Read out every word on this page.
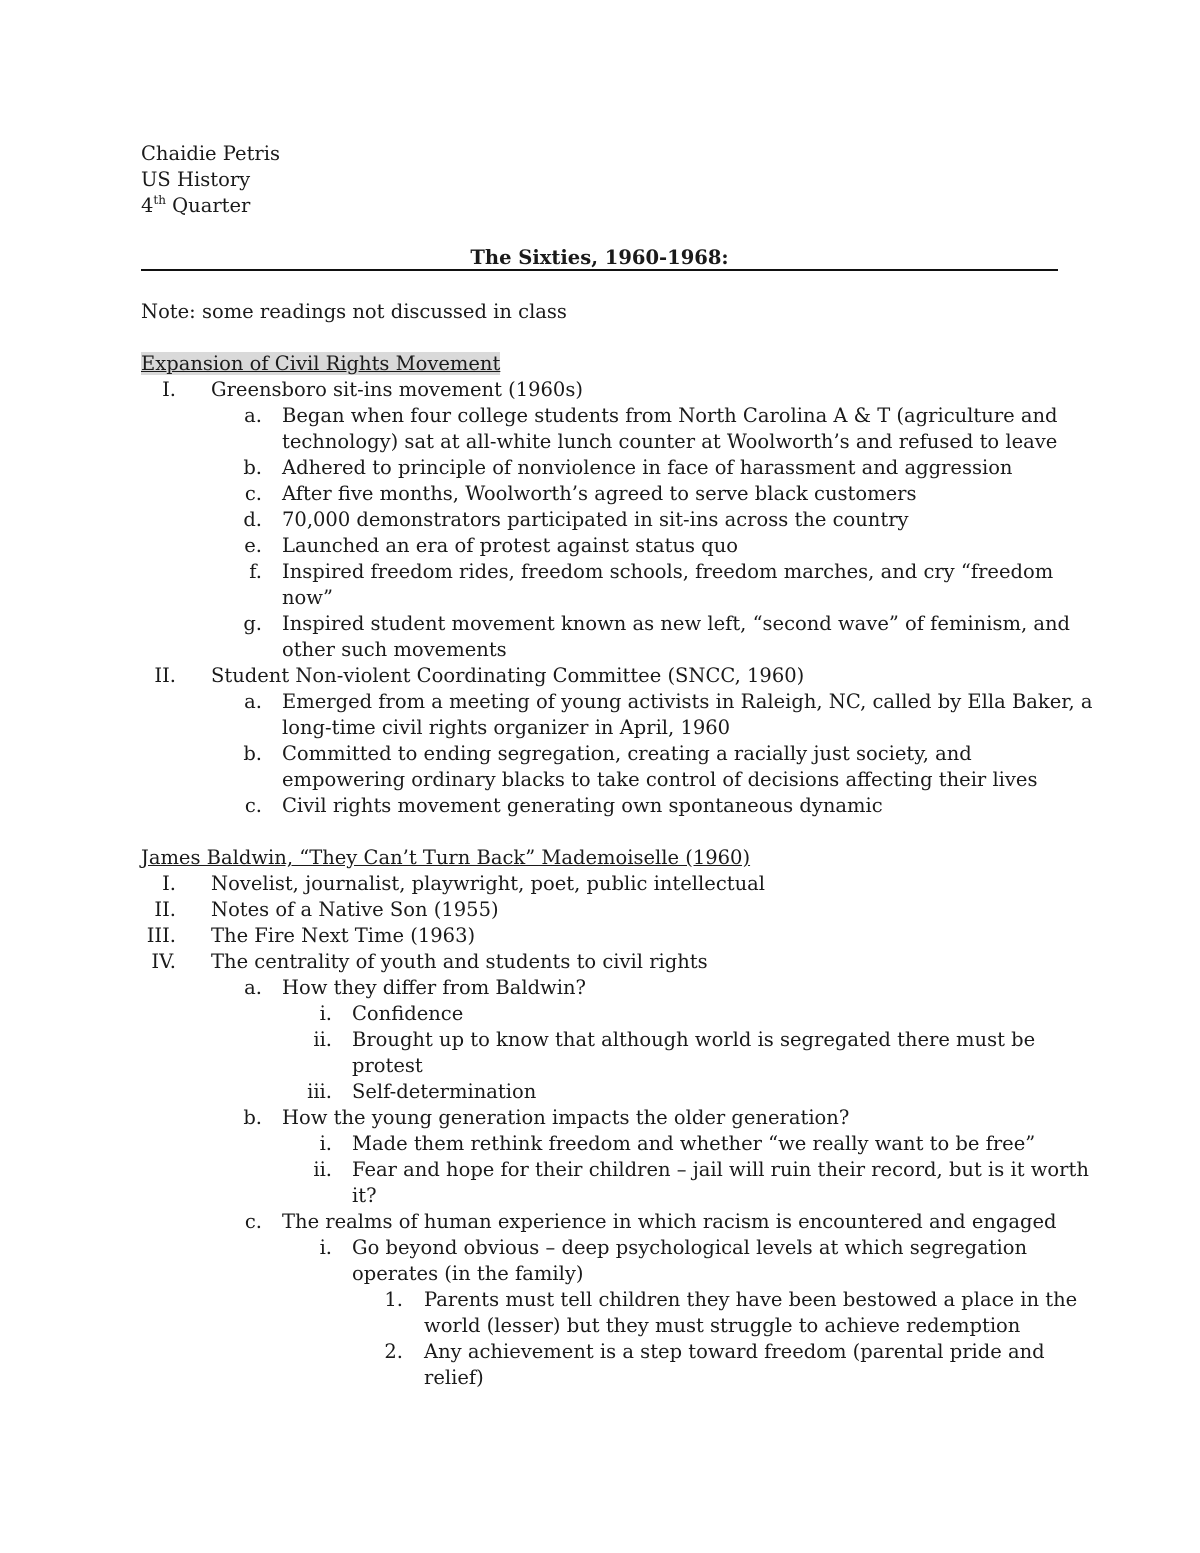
Chaidie Petris
US History
4th Quarter
The Sixties, 1960-1968:
Note: some readings not discussed in class
Expansion of Civil Rights Movement
I. Greensboro sit-ins movement (1960s)
a. Began when four college students from North Carolina A & T (agriculture and
technology) sat at all-white lunch counter at Woolworth’s and refused to leave
b. Adhered to principle of nonviolence in face of harassment and aggression
c. After five months, Woolworth’s agreed to serve black customers
d. 70,000 demonstrators participated in sit-ins across the country
e. Launched an era of protest against status quo
f. Inspired freedom rides, freedom schools, freedom marches, and cry “freedom
now”
g. Inspired student movement known as new left, “second wave” of feminism, and
other such movements
II. Student Non-violent Coordinating Committee (SNCC, 1960)
a. Emerged from a meeting of young activists in Raleigh, NC, called by Ella Baker, a
long-time civil rights organizer in April, 1960
b. Committed to ending segregation, creating a racially just society, and
empowering ordinary blacks to take control of decisions affecting their lives
c. Civil rights movement generating own spontaneous dynamic
James Baldwin, “They Can’t Turn Back” Mademoiselle (1960)
I. Novelist, journalist, playwright, poet, public intellectual
II. Notes of a Native Son (1955)
III. The Fire Next Time (1963)
IV. The centrality of youth and students to civil rights
a. How they differ from Baldwin?
i. Confidence
ii. Brought up to know that although world is segregated there must be
protest
iii. Self-determination
b. How the young generation impacts the older generation?
i. Made them rethink freedom and whether “we really want to be free”
ii. Fear and hope for their children – jail will ruin their record, but is it worth
it?
c. The realms of human experience in which racism is encountered and engaged
i. Go beyond obvious – deep psychological levels at which segregation
operates (in the family)
1. Parents must tell children they have been bestowed a place in the
world (lesser) but they must struggle to achieve redemption
2. Any achievement is a step toward freedom (parental pride and
relief)
